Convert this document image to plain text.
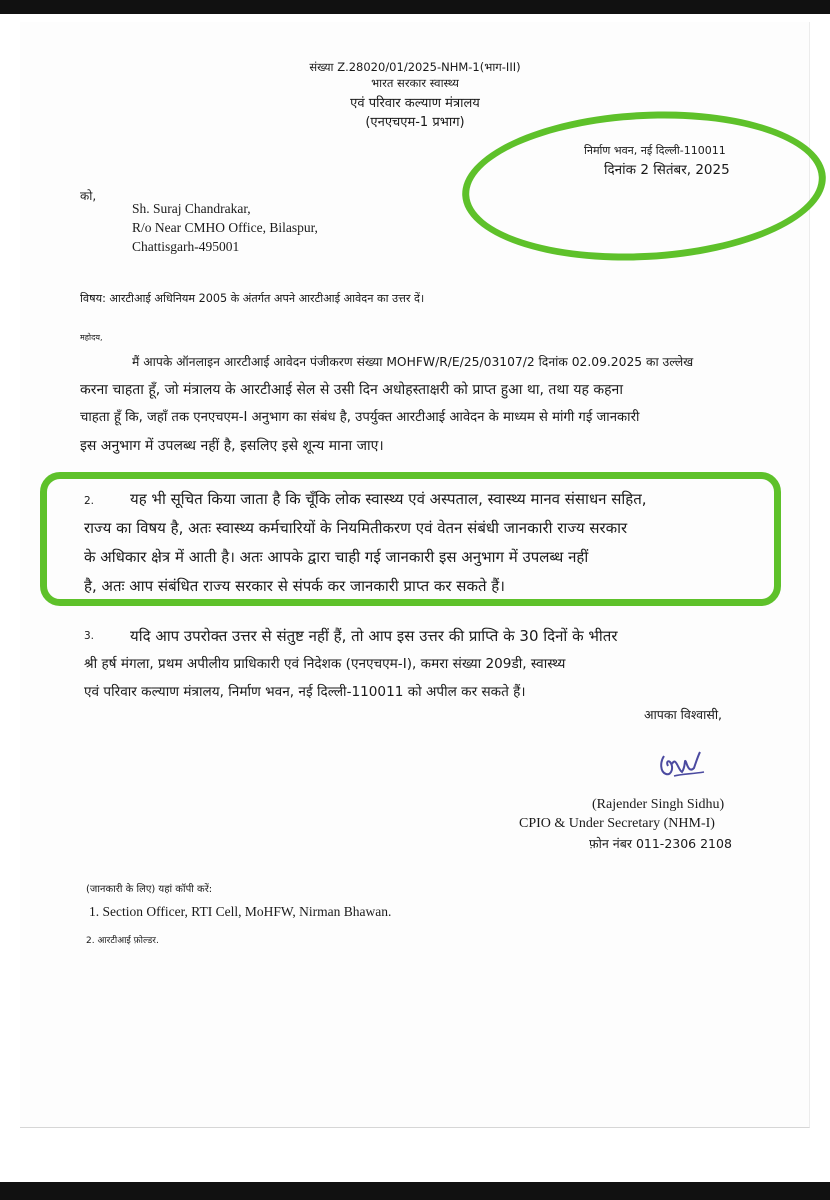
संख्या Z.28020/01/2025-NHM-1(भाग-III)
भारत सरकार स्वास्थ्य
एवं परिवार कल्याण मंत्रालय
(एनएचएम-1 प्रभाग)
निर्माण भवन, नई दिल्ली-110011
दिनांक 2 सितंबर, 2025
को,
Sh. Suraj Chandrakar,
R/o Near CMHO Office, Bilaspur,
Chattisgarh-495001
विषय: आरटीआई अधिनियम 2005 के अंतर्गत अपने आरटीआई आवेदन का उत्तर दें।
महोदय,
मैं आपके ऑनलाइन आरटीआई आवेदन पंजीकरण संख्या MOHFW/R/E/25/03107/2 दिनांक 02.09.2025 का उल्लेख
करना चाहता हूँ, जो मंत्रालय के आरटीआई सेल से उसी दिन अधोहस्ताक्षरी को प्राप्त हुआ था, तथा यह कहना
चाहता हूँ कि, जहाँ तक एनएचएम-I अनुभाग का संबंध है, उपर्युक्त आरटीआई आवेदन के माध्यम से मांगी गई जानकारी
इस अनुभाग में उपलब्ध नहीं है, इसलिए इसे शून्य माना जाए।
2.	यह भी सूचित किया जाता है कि चूँकि लोक स्वास्थ्य एवं अस्पताल, स्वास्थ्य मानव संसाधन सहित,
राज्य का विषय है, अतः स्वास्थ्य कर्मचारियों के नियमितीकरण एवं वेतन संबंधी जानकारी राज्य सरकार
के अधिकार क्षेत्र में आती है। अतः आपके द्वारा चाही गई जानकारी इस अनुभाग में उपलब्ध नहीं
है, अतः आप संबंधित राज्य सरकार से संपर्क कर जानकारी प्राप्त कर सकते हैं।
3.	यदि आप उपरोक्त उत्तर से संतुष्ट नहीं हैं, तो आप इस उत्तर की प्राप्ति के 30 दिनों के भीतर
श्री हर्ष मंगला, प्रथम अपीलीय प्राधिकारी एवं निदेशक (एनएचएम-I), कमरा संख्या 209डी, स्वास्थ्य
एवं परिवार कल्याण मंत्रालय, निर्माण भवन, नई दिल्ली-110011 को अपील कर सकते हैं।
आपका विश्वासी,
(Rajender Singh Sidhu)
CPIO & Under Secretary (NHM-I)
फ़ोन नंबर 011-2306 2108
(जानकारी के लिए) यहां कॉपी करें:
1. Section Officer, RTI Cell, MoHFW, Nirman Bhawan.
2. आरटीआई फ़ोल्डर.
